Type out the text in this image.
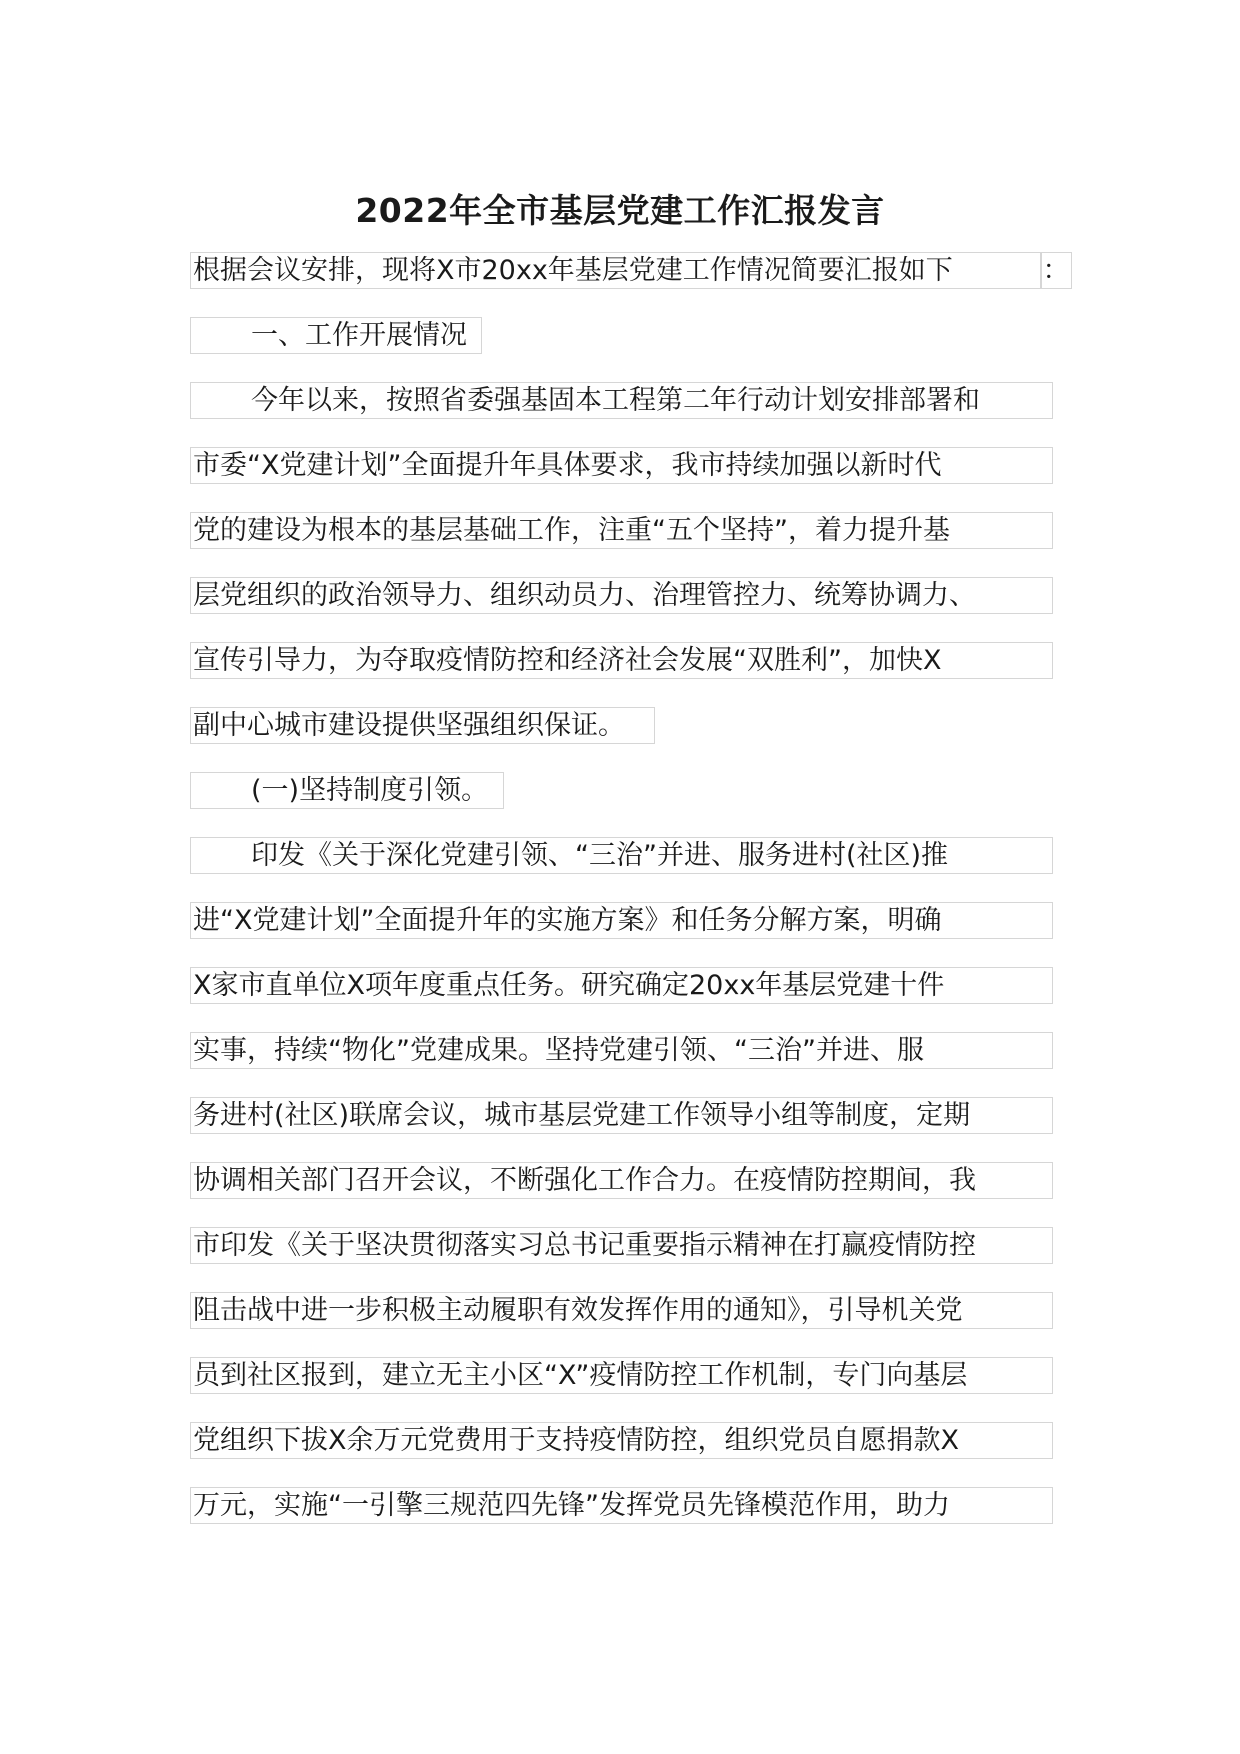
2022年全市基层党建工作汇报发言
根据会议安排，现将X市20xx年基层党建工作情况简要汇报如下	：
一、工作开展情况
今年以来，按照省委强基固本工程第二年行动计划安排部署和
市委“X党建计划”全面提升年具体要求，我市持续加强以新时代
党的建设为根本的基层基础工作，注重“五个坚持”，着力提升基
层党组织的政治领导力、组织动员力、治理管控力、统筹协调力、
宣传引导力，为夺取疫情防控和经济社会发展“双胜利”，加快X
副中心城市建设提供坚强组织保证。
(一)坚持制度引领。
印发《关于深化党建引领、“三治”并进、服务进村(社区)推
进“X党建计划”全面提升年的实施方案》和任务分解方案，明确
X家市直单位X项年度重点任务。研究确定20xx年基层党建十件
实事，持续“物化”党建成果。坚持党建引领、“三治”并进、服
务进村(社区)联席会议，城市基层党建工作领导小组等制度，定期
协调相关部门召开会议，不断强化工作合力。在疫情防控期间，我
市印发《关于坚决贯彻落实习总书记重要指示精神在打赢疫情防控
阻击战中进一步积极主动履职有效发挥作用的通知》，引导机关党
员到社区报到，建立无主小区“X”疫情防控工作机制，专门向基层
党组织下拔X余万元党费用于支持疫情防控，组织党员自愿捐款X
万元，实施“一引擎三规范四先锋”发挥党员先锋模范作用，助力
